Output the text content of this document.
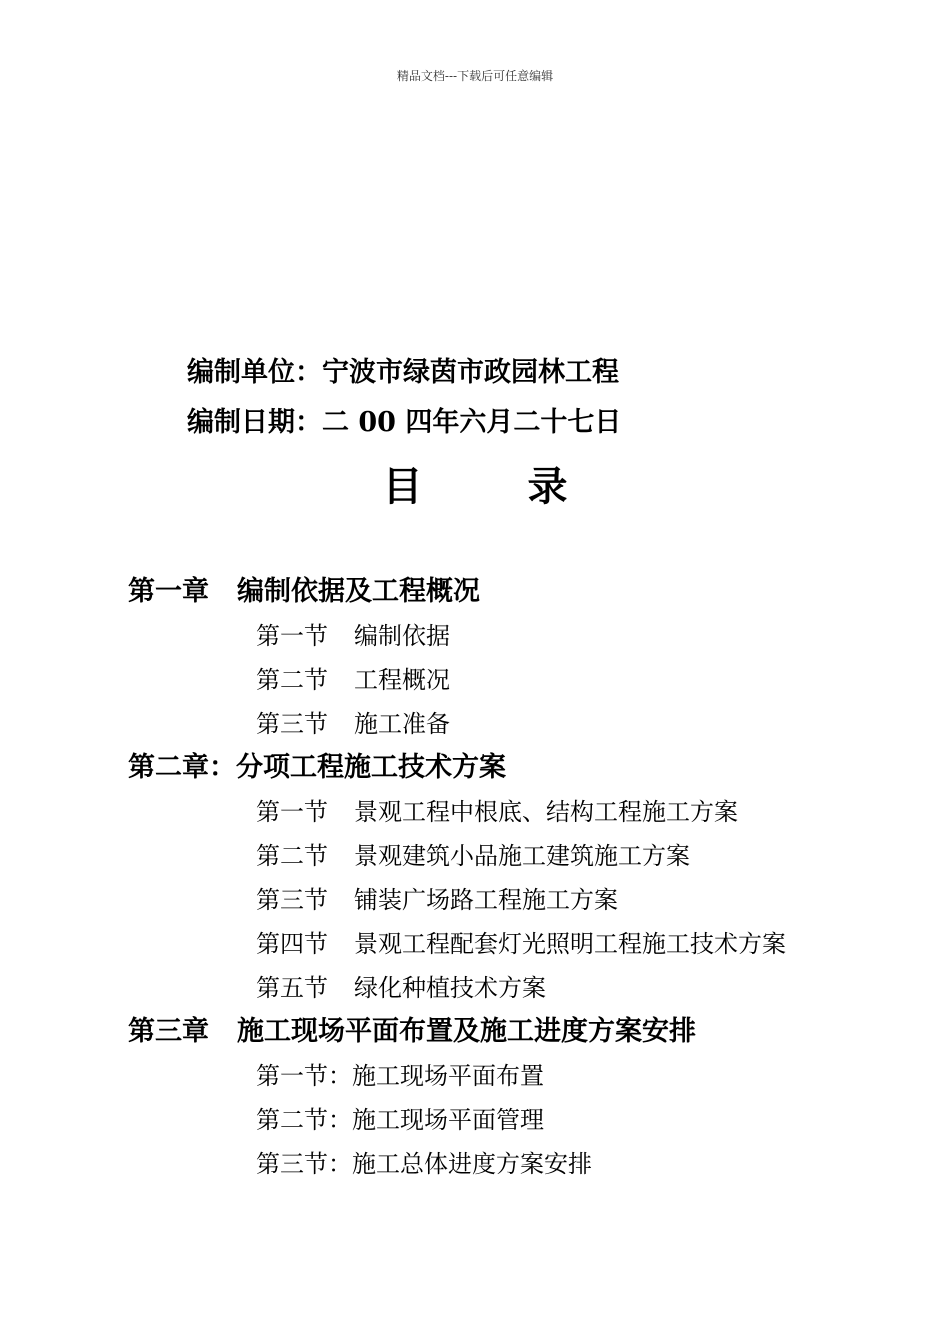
精品文档---下载后可任意编辑
编制单位：宁波市绿茵市政园林工程
编制日期：二 00 四年六月二十七日
目	录
第一章 编制依据及工程概况
第一节 编制依据
第二节 工程概况
第三节 施工准备
第二章：分项工程施工技术方案
第一节 景观工程中根底、结构工程施工方案
第二节 景观建筑小品施工建筑施工方案
第三节 铺装广场路工程施工方案
第四节 景观工程配套灯光照明工程施工技术方案
第五节 绿化种植技术方案
第三章 施工现场平面布置及施工进度方案安排
第一节：施工现场平面布置
第二节：施工现场平面管理
第三节：施工总体进度方案安排
